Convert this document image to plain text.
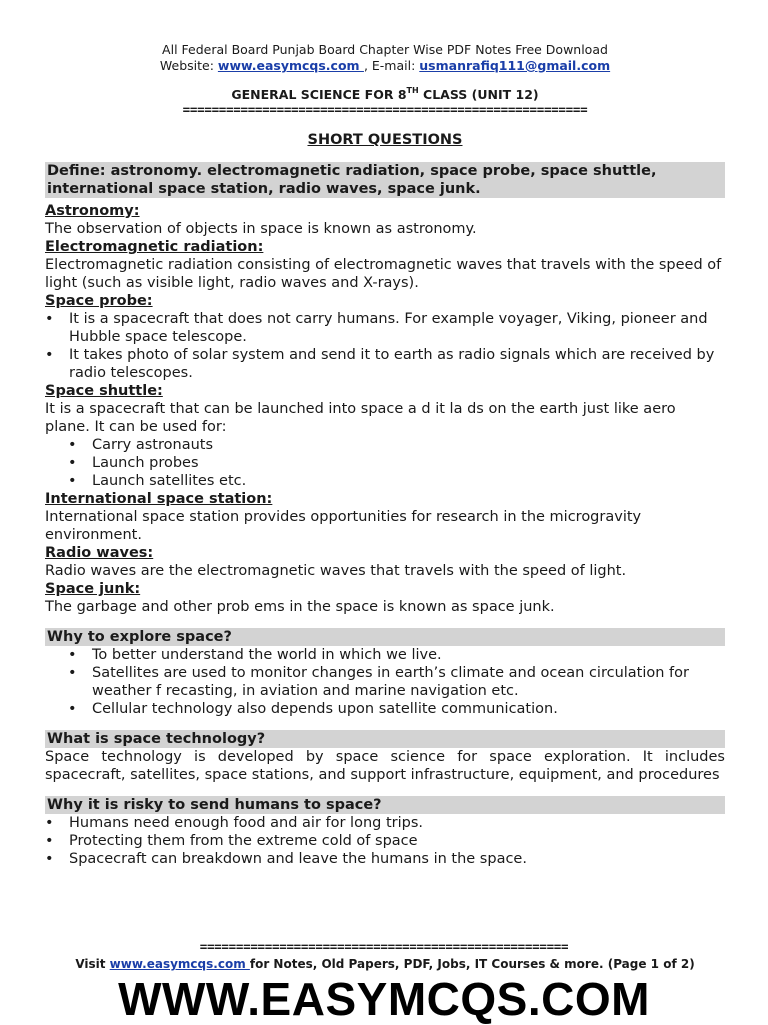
All Federal Board Punjab Board Chapter Wise PDF Notes Free Download

Website: www.easymcqs.com , E-mail: usmanrafiq111@gmail.com

GENERAL SCIENCE FOR 8TH CLASS (UNIT 12)

========================================================

SHORT QUESTIONS

Define: astronomy. electromagnetic radiation, space probe, space shuttle,

international space station, radio waves, space junk.

Astronomy:

The observation of objects in space is known as astronomy.

Electromagnetic radiation:

Electromagnetic radiation consisting of electromagnetic waves that travels with the speed of light (such as visible light, radio waves and X-rays).

Space probe:

•	It is a spacecraft that does not carry humans. For example voyager, Viking, pioneer and Hubble space telescope.
•	It takes photo of solar system and send it to earth as radio signals which are received by radio telescopes.

Space shuttle:

It is a spacecraft that can be launched into space a d it la ds on the earth just like aero plane. It can be used for:

•	Carry astronauts
•	Launch probes
•	Launch satellites etc.

International space station:

International space station provides opportunities for research in the microgravity environment.

Radio waves:

Radio waves are the electromagnetic waves that travels with the speed of light.

Space junk:

The garbage and other prob ems in the space is known as space junk.

Why to explore space?

•	To better understand the world in which we live.
•	Satellites are used to monitor changes in earth’s climate and ocean circulation for weather f recasting, in aviation and marine navigation etc.
•	Cellular technology also depends upon satellite communication.

What is space technology?

Space technology is developed by space science for space exploration. It includes spacecraft, satellites, space stations, and support infrastructure, equipment, and procedures

Why it is risky to send humans to space?

•	Humans need enough food and air for long trips.
•	Protecting them from the extreme cold of space
•	Spacecraft can breakdown and leave the humans in the space.

===================================================

Visit www.easymcqs.com for Notes, Old Papers, PDF, Jobs, IT Courses & more. (Page 1 of 2)
WWW.EASYMCQS.COM
